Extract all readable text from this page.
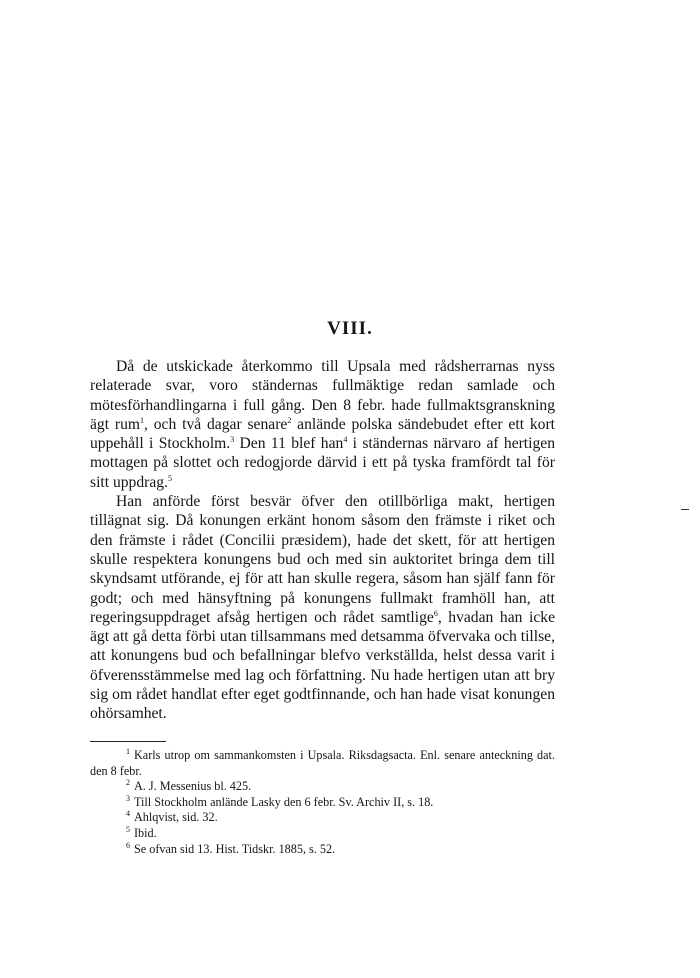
VIII.

Då de utskickade återkommo till Upsala med rådsherrarnas nyss relaterade svar, voro ständernas fullmäktige redan samlade och mötesförhandlingarna i full gång. Den 8 febr. hade fullmaktsgranskning ägt rum$^1$, och två dagar senare$^2$ anlände polska sändebudet efter ett kort uppehåll i Stockholm.$^3$ Den 11 blef han$^4$ i ständernas närvaro af hertigen mottagen på slottet och redogjorde därvid i ett på tyska framfördt tal för sitt uppdrag.$^5$

Han anförde först besvär öfver den otillbörliga makt, hertigen tillägnat sig. Då konungen erkänt honom såsom den främste i riket och den främste i rådet (Concilii præsidem), hade det skett, för att hertigen skulle respektera konungens bud och med sin auktoritet bringa dem till skyndsamt utförande, ej för att han skulle regera, såsom han själf fann för godt; och med hänsyftning på konungens fullmakt framhöll han, att regeringsuppdraget afsåg hertigen och rådet samtlige$^6$, hvadan han icke ägt att gå detta förbi utan tillsammans med detsamma öfvervaka och tillse, att konungens bud och befallningar blefvo verkställda, helst dessa varit i öfverensstämmelse med lag och författning. Nu hade hertigen utan att bry sig om rådet handlat efter eget godtfinnande, och han hade visat konungen ohörsamhet.

$^1$ Karls utrop om sammankomsten i Upsala. Riksdagsacta. Enl. senare anteckning dat. den 8 febr.

$^2$ A. J. Messenius bl. 425.

$^3$ Till Stockholm anlände Lasky den 6 febr. Sv. Archiv II, s. 18.

$^4$ Ahlqvist, sid. 32.

$^5$ Ibid.

$^6$ Se ofvan sid 13. Hist. Tidskr. 1885, s. 52.
